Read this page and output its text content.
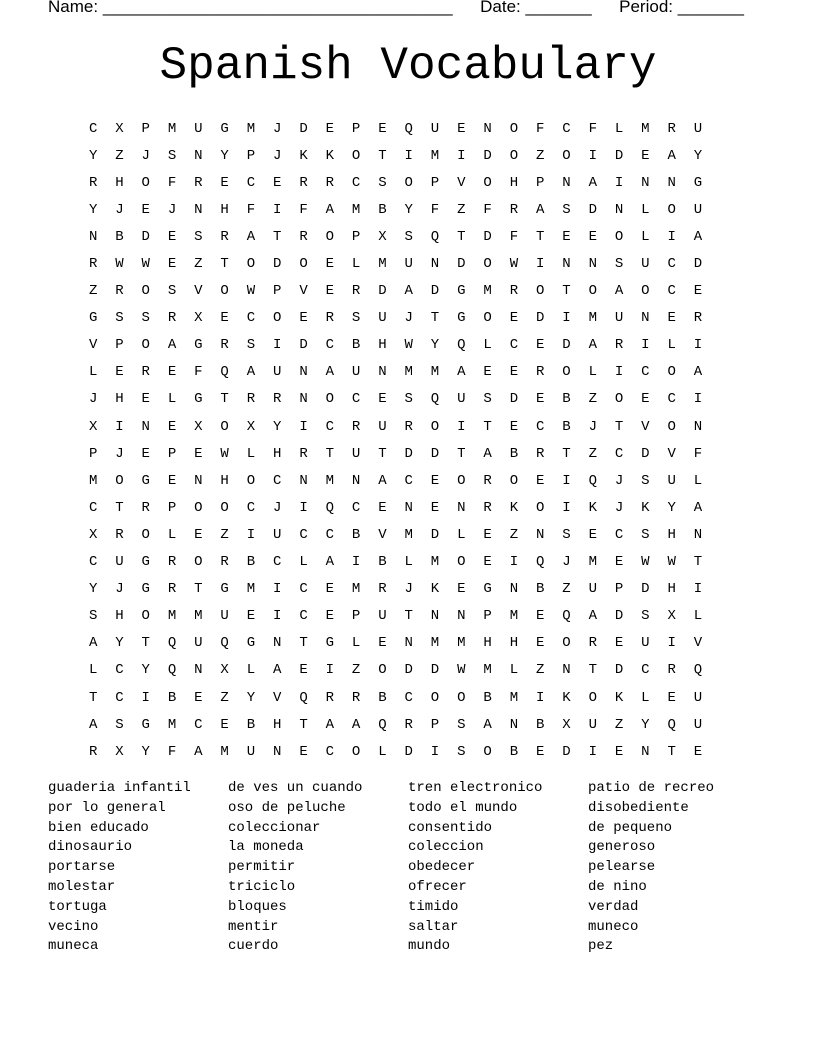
Name: _____________________________________ Date: _______ Period: _______
Spanish Vocabulary
C	X	P	M	U	G	M	J	D	E	P	E	Q	U	E	N	O	F	C	F	L	M	R	U
Y	Z	J	S	N	Y	P	J	K	K	O	T	I	M	I	D	O	Z	O	I	D	E	A	Y
R	H	O	F	R	E	C	E	R	R	C	S	O	P	V	O	H	P	N	A	I	N	N	G
Y	J	E	J	N	H	F	I	F	A	M	B	Y	F	Z	F	R	A	S	D	N	L	O	U
N	B	D	E	S	R	A	T	R	O	P	X	S	Q	T	D	F	T	E	E	O	L	I	A
R	W	W	E	Z	T	O	D	O	E	L	M	U	N	D	O	W	I	N	N	S	U	C	D
Z	R	O	S	V	O	W	P	V	E	R	D	A	D	G	M	R	O	T	O	A	O	C	E
G	S	S	R	X	E	C	O	E	R	S	U	J	T	G	O	E	D	I	M	U	N	E	R
V	P	O	A	G	R	S	I	D	C	B	H	W	Y	Q	L	C	E	D	A	R	I	L	I
L	E	R	E	F	Q	A	U	N	A	U	N	M	M	A	E	E	R	O	L	I	C	O	A
J	H	E	L	G	T	R	R	N	O	C	E	S	Q	U	S	D	E	B	Z	O	E	C	I
X	I	N	E	X	O	X	Y	I	C	R	U	R	O	I	T	E	C	B	J	T	V	O	N
P	J	E	P	E	W	L	H	R	T	U	T	D	D	T	A	B	R	T	Z	C	D	V	F
M	O	G	E	N	H	O	C	N	M	N	A	C	E	O	R	O	E	I	Q	J	S	U	L
C	T	R	P	O	O	C	J	I	Q	C	E	N	E	N	R	K	O	I	K	J	K	Y	A
X	R	O	L	E	Z	I	U	C	C	B	V	M	D	L	E	Z	N	S	E	C	S	H	N
C	U	G	R	O	R	B	C	L	A	I	B	L	M	O	E	I	Q	J	M	E	W	W	T
Y	J	G	R	T	G	M	I	C	E	M	R	J	K	E	G	N	B	Z	U	P	D	H	I
S	H	O	M	M	U	E	I	C	E	P	U	T	N	N	P	M	E	Q	A	D	S	X	L
A	Y	T	Q	U	Q	G	N	T	G	L	E	N	M	M	H	H	E	O	R	E	U	I	V
L	C	Y	Q	N	X	L	A	E	I	Z	O	D	D	W	M	L	Z	N	T	D	C	R	Q
T	C	I	B	E	Z	Y	V	Q	R	R	B	C	O	O	B	M	I	K	O	K	L	E	U
A	S	G	M	C	E	B	H	T	A	A	Q	R	P	S	A	N	B	X	U	Z	Y	Q	U
R	X	Y	F	A	M	U	N	E	C	O	L	D	I	S	O	B	E	D	I	E	N	T	E
guaderia infantil	de ves un cuando	tren electronico	patio de recreo
por lo general	oso de peluche	todo el mundo	disobediente
bien educado	coleccionar	consentido	de pequeno
dinosaurio	la moneda	coleccion	generoso
portarse	permitir	obedecer	pelearse
molestar	triciclo	ofrecer	de nino
tortuga	bloques	timido	verdad
vecino	mentir	saltar	muneco
muneca	cuerdo	mundo	pez
